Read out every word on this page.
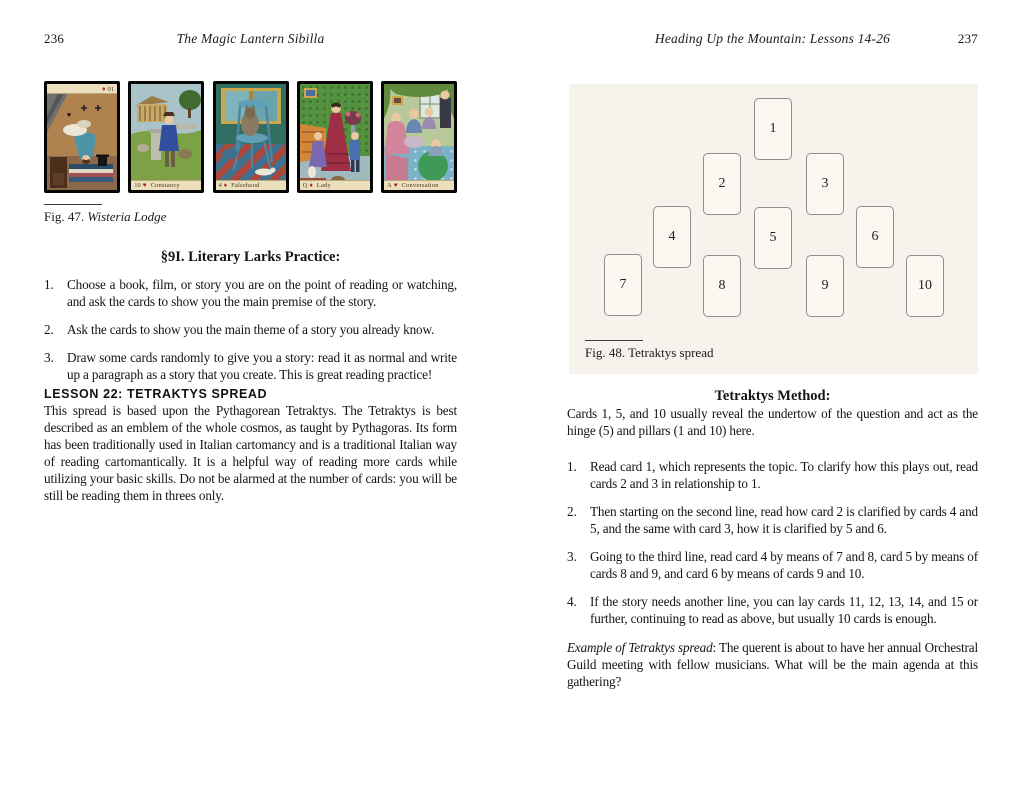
236	The Magic Lantern Sibilla
10
♦
10 ♥ Constancy	4 ♦ Falsehood	Q ♦ Lady	A ♥ Conversation
Fig. 47. Wisteria Lodge
§9I. Literary Larks Practice:
1.	Choose a book, film, or story you are on the point of reading or watching, and ask the cards to show you the main premise of the story.
2.	Ask the cards to show you the main theme of a story you already know.
3.	Draw some cards randomly to give you a story: read it as normal and write up a paragraph as a story that you create. This is great reading practice!
LESSON 22: TETRAKTYS SPREAD
This spread is based upon the Pythagorean Tetraktys. The Tetraktys is best described as an emblem of the whole cosmos, as taught by Pythagoras. Its form has been traditionally used in Italian cartomancy and is a traditional Italian way of reading cartomantically. It is a helpful way of reading more cards while utilizing your basic skills. Do not be alarmed at the number of cards: you will be still be reading them in threes only.
Heading Up the Mountain: Lessons 14-26	237
1
2	3
4	5	6
7	8	9	10
Fig. 48. Tetraktys spread
Tetraktys Method:
Cards 1, 5, and 10 usually reveal the undertow of the question and act as the hinge (5) and pillars (1 and 10) here.
1.	Read card 1, which represents the topic. To clarify how this plays out, read cards 2 and 3 in relationship to 1.
2.	Then starting on the second line, read how card 2 is clarified by cards 4 and 5, and the same with card 3, how it is clarified by 5 and 6.
3.	Going to the third line, read card 4 by means of 7 and 8, card 5 by means of cards 8 and 9, and card 6 by means of cards 9 and 10.
4.	If the story needs another line, you can lay cards 11, 12, 13, 14, and 15 or further, continuing to read as above, but usually 10 cards is enough.
Example of Tetraktys spread: The querent is about to have her annual Orchestral Guild meeting with fellow musicians. What will be the main agenda at this gathering?
